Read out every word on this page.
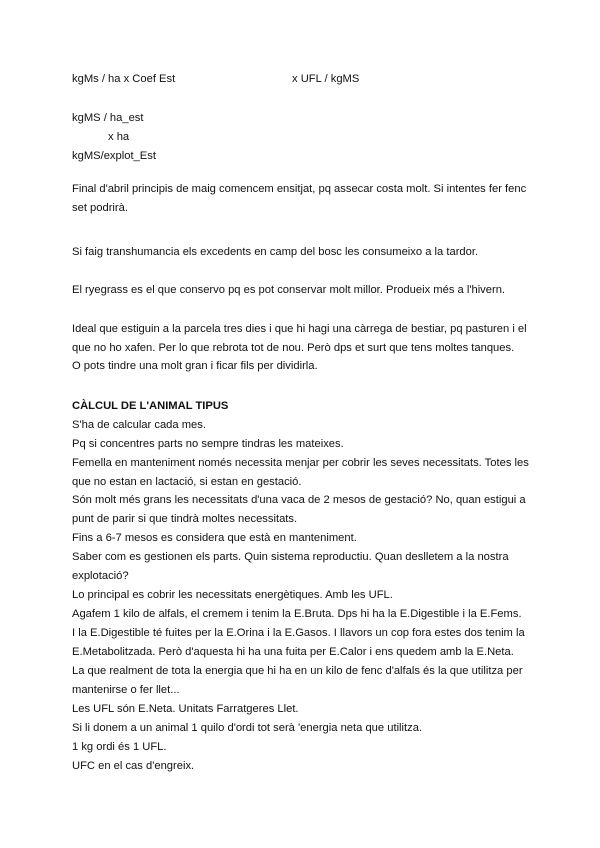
kgMs / ha x Coef Est	x UFL / kgMS
kgMS / ha_est
x ha
kgMS/explot_Est
Final d'abril principis de maig comencem ensitjat, pq assecar costa molt. Si intentes fer fenc set podrirà.
Si faig transhumancia els excedents en camp del bosc les consumeixo a la tardor.
El ryegrass es el que conservo pq es pot conservar molt millor. Produeix més a l'hivern.
Ideal que estiguin a la parcela tres dies i que hi hagi una càrrega de bestiar, pq pasturen i el que no ho xafen. Per lo que rebrota tot de nou. Però dps et surt que tens moltes tanques.
O pots tindre una molt gran i ficar fils per dividirla.
CÀLCUL DE L'ANIMAL TIPUS
S'ha de calcular cada mes.
Pq si concentres parts no sempre tindras les mateixes.
Femella en manteniment només necessita menjar per cobrir les seves necessitats. Totes les que no estan en lactació, si estan en gestació.
Són molt més grans les necessitats d'una vaca de 2 mesos de gestació? No, quan estigui a punt de parir si que tindrà moltes necessitats.
Fins a 6-7 mesos es considera que està en manteniment.
Saber com es gestionen els parts. Quin sistema reproductiu. Quan deslletem a la nostra explotació?
Lo principal es cobrir les necessitats energètiques. Amb les UFL.
Agafem 1 kilo de alfals, el cremem i tenim la E.Bruta. Dps hi ha la E.Digestible i la E.Fems.
I la E.Digestible té fuites per la E.Orina i la E.Gasos. I llavors un cop fora estes dos tenim la E.Metabolitzada. Però d'aquesta hi ha una fuita per E.Calor i ens quedem amb la E.Neta.
La que realment de tota la energia que hi ha en un kilo de fenc d'alfals és la que utilitza per mantenirse o fer llet...
Les UFL són E.Neta. Unitats Farratgeres Llet.
Si li donem a un animal 1 quilo d'ordi tot serà 'energia neta que utilitza.
1 kg ordi és 1 UFL.
UFC en el cas d'engreix.
